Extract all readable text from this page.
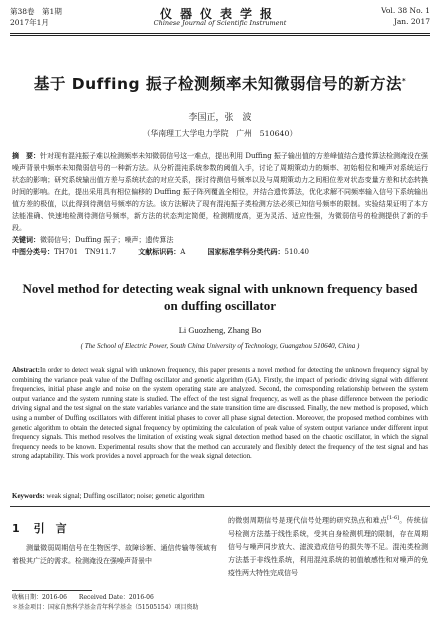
第38卷　第1期
2017年1月
仪器仪表学报
Chinese Journal of Scientific Instrument
Vol. 38 No. 1
Jan. 2017
基于 Duffing 振子检测频率未知微弱信号的新方法*
李国正，张　波
（华南理工大学电力学院　广州　510640）
摘　要：针对现有混沌振子难以检测频率未知微弱信号这一难点，提出利用 Duffing 振子输出值的方差峰值结合遗传算法检测淹没在强噪声背景中频率未知微弱信号的一种新方法。从分析混沌系统参数的阈值入手，讨论了周期策动力的频率、初始相位和噪声对系统运行状态的影响；研究系统输出值方差与系统状态的对应关系，探讨待测信号频率以及与周期策动力之间相位差对状态变量方差和状态转换时间的影响。在此，提出采用具有相位偏移的 Duffing 振子阵列覆盖全相位，并结合遗传算法，优化求解不同频率输入信号下系统输出值方差的极值，以此得到待测信号频率的方法。该方法解决了现有混沌振子类检测方法必须已知信号频率的限制。实验结果证明了本方法能准确、快速地检测待测信号频率，新方法的状态判定简便，检测精度高，更为灵活、适应性强，为微弱信号的检测提供了新的手段。
关键词：微弱信号；Duffing 振子；噪声；遗传算法
中图分类号：TH701　TN911.7	文献标识码：A	国家标准学科分类代码：510.40
Novel method for detecting weak signal with unknown frequency based on duffing oscillator
Li Guozheng, Zhang Bo
( The School of Electric Power, South China University of Technology, Guangzhou 510640, China )
Abstract:In order to detect weak signal with unknown frequency, this paper presents a novel method for detecting the unknown frequency signal by combining the variance peak value of the Duffing oscillator and genetic algorithm (GA). Firstly, the impact of periodic driving signal with different frequencies, initial phase angle and noise on the system operating state are analyzed. Second, the corresponding relationship between the system output variance and the system running state is studied. The effect of the test signal frequency, as well as the phase difference between the periodic driving signal and the test signal on the state variables variance and the state transition time are discussed. Finally, the new method is proposed, which using a number of Duffing oscillators with different initial phases to cover all phase signal detection. Moreover, the proposed method combines with genetic algorithm to obtain the detected signal frequency by optimizing the calculation of peak value of system output variance under different input frequency signals. This method resolves the limitation of existing weak signal detection method based on the chaotic oscillator, in which the signal frequency needs to be known. Experimental results show that the method can accurately and flexibly detect the frequency of the test signal and has strong adaptability. This work provides a novel approach for the weak signal detection.
Keywords: weak signal; Duffing oscillator; noise; genetic algorithm
1 引　言
测量微弱周期信号在生物医学、故障诊断、通信传输等领域有着极其广泛的需求。检测淹没在强噪声背景中
的微弱周期信号是现代信号处理的研究热点和难点[1-6]。传统信号检测方法基于线性系统，受其自身检测机理的限制，存在周期信号与噪声同步放大、滤波造成信号的损失等不足。混沌类检测方法基于非线性系统，利用混沌系统的初值敏感性和对噪声的免疫性两大特性完成信号
收稿日期：2016-06　　Received Date：2016-06
＊基金项目：国家自然科学基金青年科学基金（51505154）项目资助
